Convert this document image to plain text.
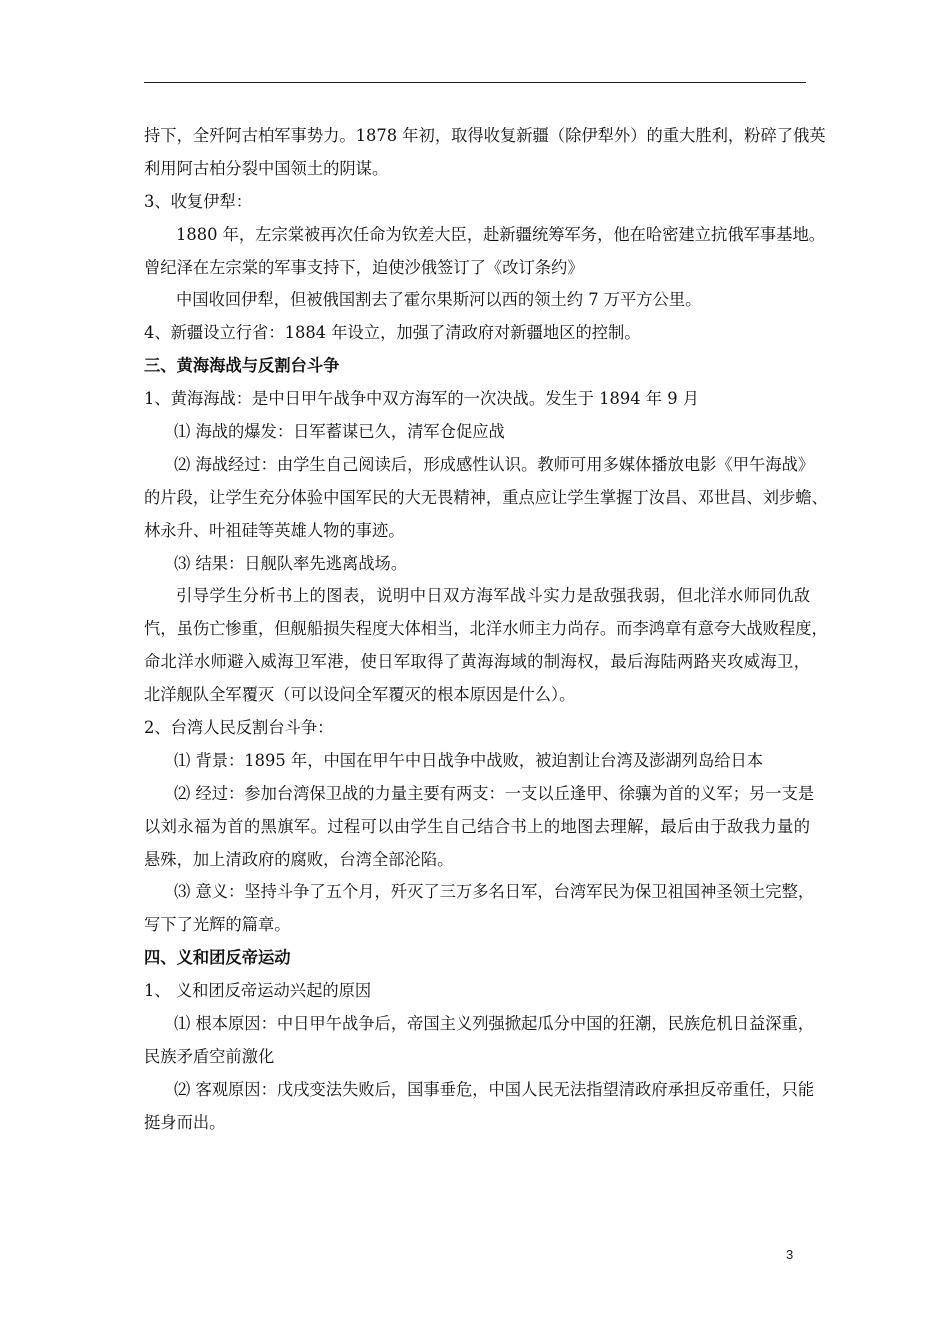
持下，全歼阿古柏军事势力。1878 年初，取得收复新疆（除伊犁外）的重大胜利，粉碎了俄英
利用阿古柏分裂中国领土的阴谋。
3、收复伊犁：
1880 年，左宗棠被再次任命为钦差大臣，赴新疆统筹军务，他在哈密建立抗俄军事基地。
曾纪泽在左宗棠的军事支持下，迫使沙俄签订了《改订条约》
中国收回伊犁，但被俄国割去了霍尔果斯河以西的领土约 7 万平方公里。
4、新疆设立行省：1884 年设立，加强了清政府对新疆地区的控制。
三、黄海海战与反割台斗争
1、黄海海战：是中日甲午战争中双方海军的一次决战。发生于 1894 年 9 月
⑴ 海战的爆发：日军蓄谋已久，清军仓促应战
⑵ 海战经过：由学生自己阅读后，形成感性认识。教师可用多媒体播放电影《甲午海战》
的片段，让学生充分体验中国军民的大无畏精神，重点应让学生掌握丁汝昌、邓世昌、刘步蟾、
林永升、叶祖硅等英雄人物的事迹。
⑶ 结果：日舰队率先逃离战场。
引导学生分析书上的图表，说明中日双方海军战斗实力是敌强我弱，但北洋水师同仇敌
忾，虽伤亡惨重，但舰船损失程度大体相当，北洋水师主力尚存。而李鸿章有意夸大战败程度，
命北洋水师避入威海卫军港，使日军取得了黄海海域的制海权，最后海陆两路夹攻威海卫，
北洋舰队全军覆灭（可以设问全军覆灭的根本原因是什么）。
2、台湾人民反割台斗争：
⑴ 背景：1895 年，中国在甲午中日战争中战败，被迫割让台湾及澎湖列岛给日本
⑵ 经过：参加台湾保卫战的力量主要有两支：一支以丘逢甲、徐骧为首的义军；另一支是
以刘永福为首的黑旗军。过程可以由学生自己结合书上的地图去理解，最后由于敌我力量的
悬殊，加上清政府的腐败，台湾全部沦陷。
⑶ 意义：坚持斗争了五个月，歼灭了三万多名日军，台湾军民为保卫祖国神圣领土完整，
写下了光辉的篇章。
四、义和团反帝运动
1、 义和团反帝运动兴起的原因
⑴ 根本原因：中日甲午战争后，帝国主义列强掀起瓜分中国的狂潮，民族危机日益深重，
民族矛盾空前激化
⑵ 客观原因：戊戌变法失败后，国事垂危，中国人民无法指望清政府承担反帝重任，只能
挺身而出。
3
